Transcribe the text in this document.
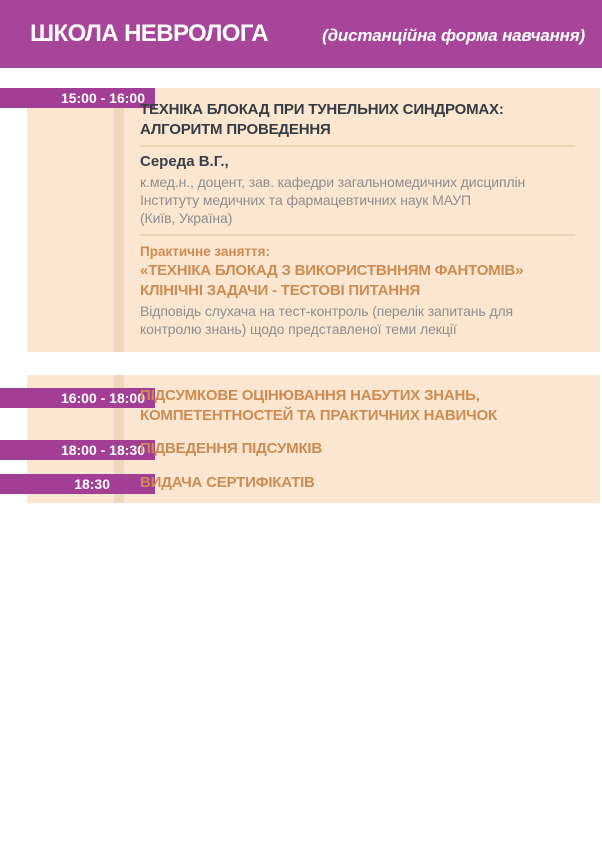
ШКОЛА НЕВРОЛОГА	(дистанційна форма навчання)
15:00 - 16:00
ТЕХНІКА БЛОКАД ПРИ ТУНЕЛЬНИХ СИНДРОМАХ:
АЛГОРИТМ ПРОВЕДЕННЯ
Середа В.Г.,
к.мед.н., доцент, зав. кафедри загальномедичних дисциплін
Інституту медичних та фармацевтичних наук МАУП
(Київ, Україна)
Практичне заняття:
«ТЕХНІКА БЛОКАД З ВИКОРИСТВННЯМ ФАНТОМІВ»
КЛІНІЧНІ ЗАДАЧИ - ТЕСТОВІ ПИТАННЯ
Відповідь слухача на тест-контроль (перелік запитань для
контролю знань) щодо представленої теми лекції
16:00 - 18:00
ПІДСУМКОВЕ ОЦІНЮВАННЯ НАБУТИХ ЗНАНЬ,
КОМПЕТЕНТНОСТЕЙ ТА ПРАКТИЧНИХ НАВИЧОК
18:00 - 18:30
ПІДВЕДЕННЯ ПІДСУМКІВ
18:30	ВИДАЧА СЕРТИФІКАТІВ
